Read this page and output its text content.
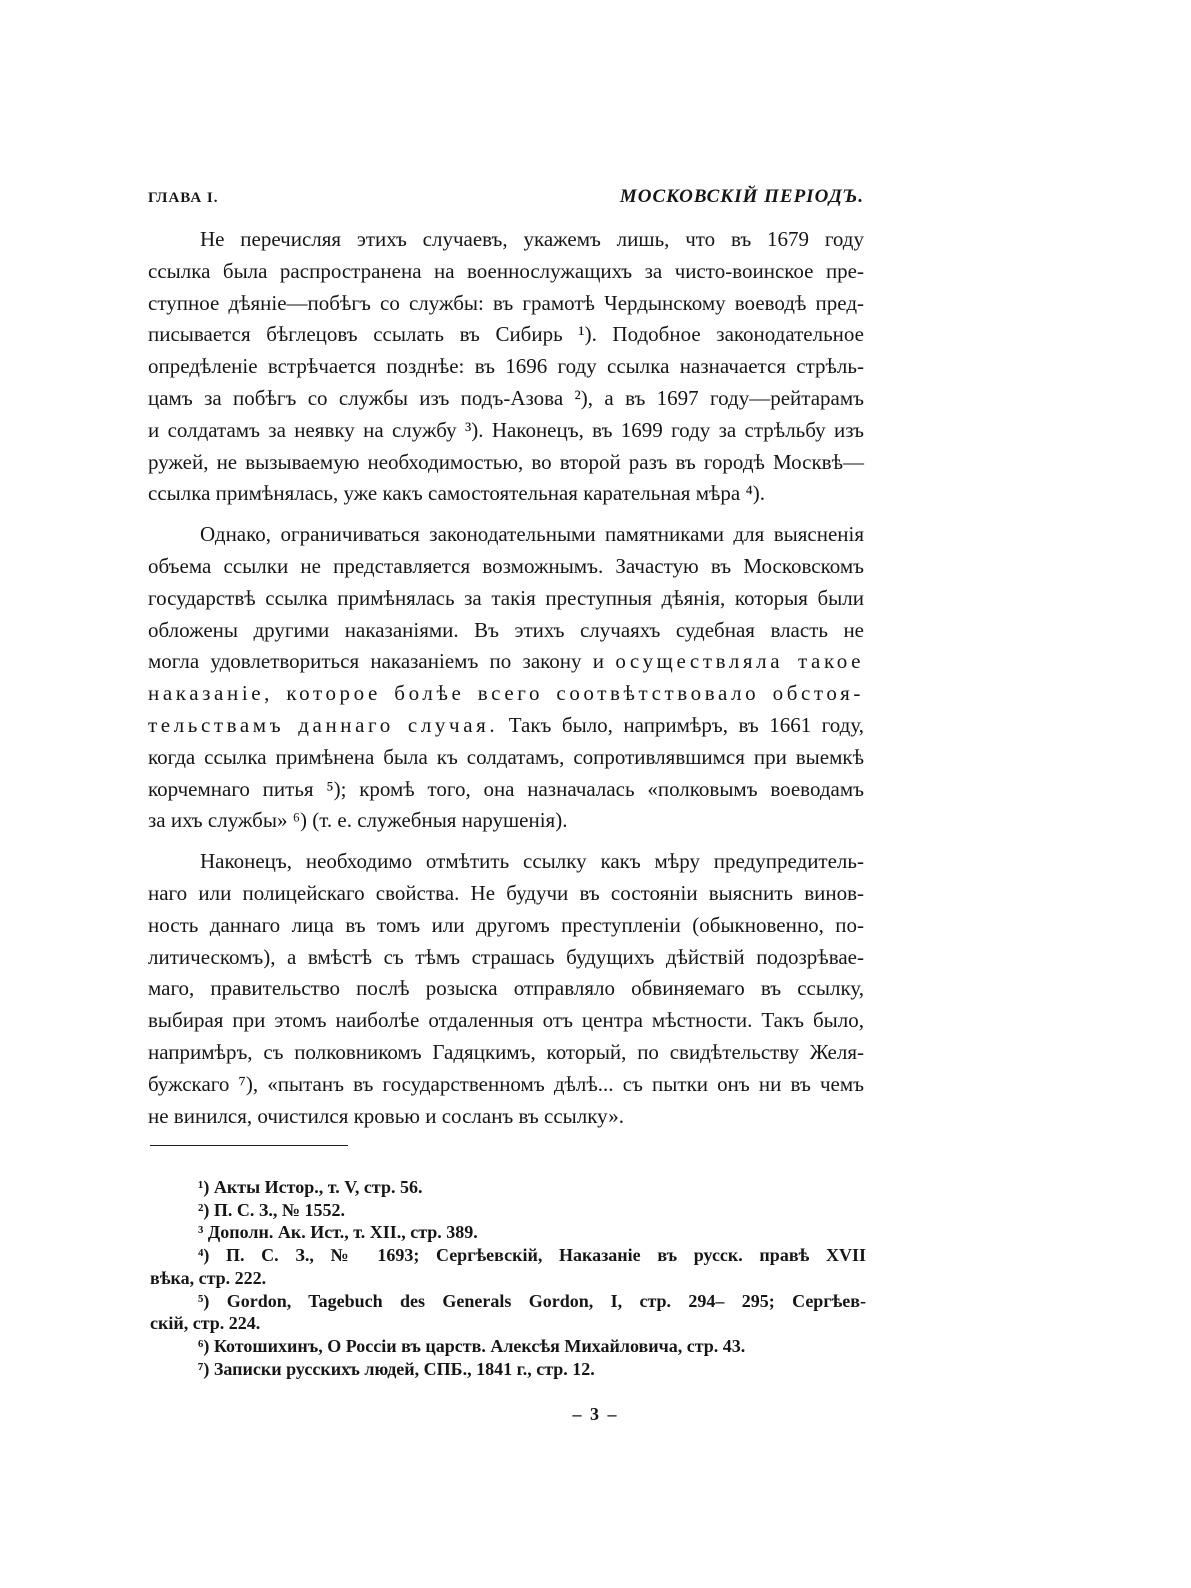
ГЛАВА I.	МОСКОВСКІЙ ПЕРІОДЪ.
Не перечисляя этихъ случаевъ, укажемъ лишь, что въ 1679 году
ссылка была распространена на военнослужащихъ за чисто-воинское пре-
ступное дѣяніе—побѣгъ со службы: въ грамотѣ Чердынскому воеводѣ пред-
писывается бѣглецовъ ссылать въ Сибирь ¹). Подобное законодательное
опредѣленіе встрѣчается позднѣе: въ 1696 году ссылка назначается стрѣль-
цамъ за побѣгъ со службы изъ подъ-Азова ²), а въ 1697 году—рейтарамъ
и солдатамъ за неявку на службу ³). Наконецъ, въ 1699 году за стрѣльбу изъ
ружей, не вызываемую необходимостью, во второй разъ въ городѣ Москвѣ—
ссылка примѣнялась, уже какъ самостоятельная карательная мѣра ⁴).
Однако, ограничиваться законодательными памятниками для выясненія
объема ссылки не представляется возможнымъ. Зачастую въ Московскомъ
государствѣ ссылка примѣнялась за такія преступныя дѣянія, которыя были
обложены другими наказаніями. Въ этихъ случаяхъ судебная власть не
могла удовлетвориться наказаніемъ по закону и осуществляла такое
наказаніе, которое болѣе всего соотвѣтствовало обстоя-
тельствамъ даннаго случая. Такъ было, напримѣръ, въ 1661 году,
когда ссылка примѣнена была къ солдатамъ, сопротивлявшимся при выемкѣ
корчемнаго питья ⁵); кромѣ того, она назначалась «полковымъ воеводамъ
за ихъ службы» ⁶) (т. е. служебныя нарушенія).
Наконецъ, необходимо отмѣтить ссылку какъ мѣру предупредитель-
наго или полицейскаго свойства. Не будучи въ состояніи выяснить винов-
ность даннаго лица въ томъ или другомъ преступленіи (обыкновенно, по-
литическомъ), а вмѣстѣ съ тѣмъ страшась будущихъ дѣйствій подозрѣвае-
маго, правительство послѣ розыска отправляло обвиняемаго въ ссылку,
выбирая при этомъ наиболѣе отдаленныя отъ центра мѣстности. Такъ было,
напримѣръ, съ полковникомъ Гадяцкимъ, который, по свидѣтельству Желя-
бужскаго ⁷), «пытанъ въ государственномъ дѣлѣ... съ пытки онъ ни въ чемъ
не винился, очистился кровью и сосланъ въ ссылку».
¹) Акты Истор., т. V, стр. 56.
²) П. С. З., № 1552.
³ Дополн. Ак. Ист., т. XII., стр. 389.
⁴) П. С. З., № 1693; Сергѣевскій, Наказаніе въ русск. правѣ XVII
вѣка, стр. 222.
⁵) Gordon, Tagebuch des Generals Gordon, I, стр. 294– 295; Сергѣев-
скій, стр. 224.
⁶) Котошихинъ, О Россіи въ царств. Алексѣя Михайловича, стр. 43.
⁷) Записки русскихъ людей, СПБ., 1841 г., стр. 12.
– 3 –
